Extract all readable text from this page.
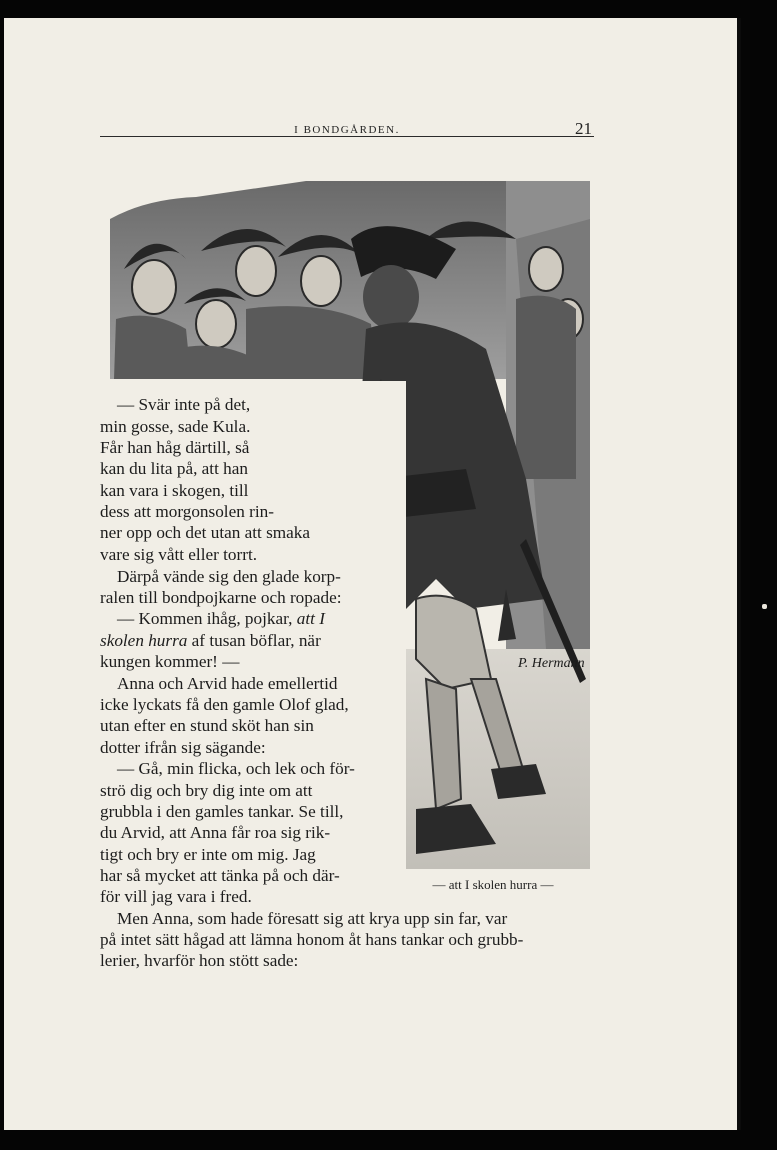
I BONDGÅRDEN.	21
P. Hermann
— att I skolen hurra —
— Svär inte på det,
min gosse, sade Kula.
Får han håg därtill, så
kan du lita på, att han
kan vara i skogen, till
dess att morgonsolen rin-
ner opp och det utan att smaka
vare sig vått eller torrt.
Därpå vände sig den glade korp-
ralen till bondpojkarne och ropade:
— Kommen ihåg, pojkar, att I
skolen hurra af tusan böflar, när
kungen kommer! —
Anna och Arvid hade emellertid
icke lyckats få den gamle Olof glad,
utan efter en stund sköt han sin
dotter ifrån sig sägande:
— Gå, min flicka, och lek och för-
strö dig och bry dig inte om att
grubbla i den gamles tankar. Se till,
du Arvid, att Anna får roa sig rik-
tigt och bry er inte om mig. Jag
har så mycket att tänka på och där-
för vill jag vara i fred.
Men Anna, som hade föresatt sig att krya upp sin far, var
på intet sätt hågad att lämna honom åt hans tankar och grubb-
lerier, hvarför hon stött sade:
